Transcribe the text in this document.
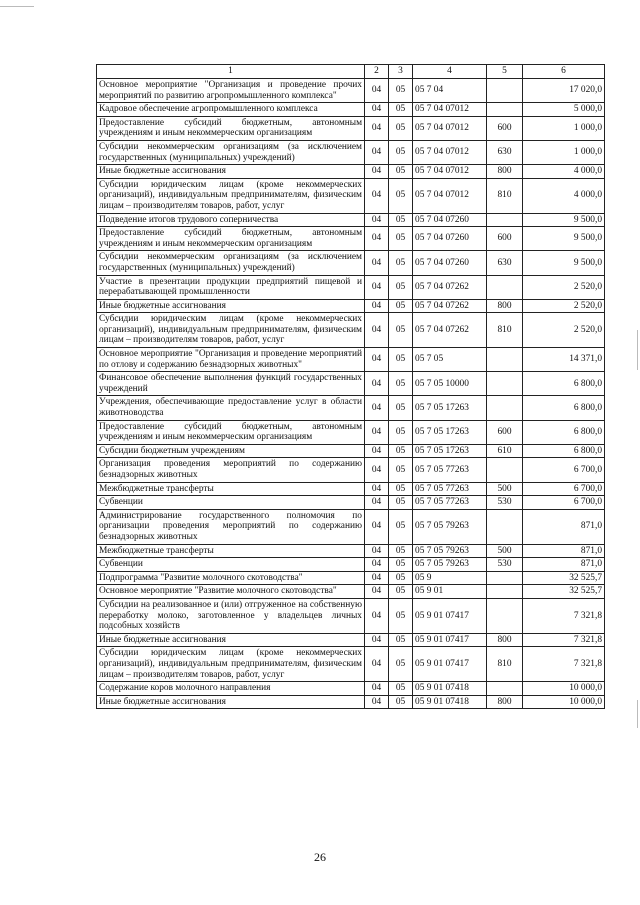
1	2	3	4	5	6
Основное мероприятие "Организация и проведение прочих мероприятий по развитию агропромышленного комплекса"	04	05	05 7 04		17 020,0
Кадровое обеспечение агропромышленного комплекса	04	05	05 7 04 07012		5 000,0
Предоставление субсидий бюджетным, автономным учреждениям и иным некоммерческим организациям	04	05	05 7 04 07012	600	1 000,0
Субсидии некоммерческим организациям (за исключением государственных (муниципальных) учреждений)	04	05	05 7 04 07012	630	1 000,0
Иные бюджетные ассигнования	04	05	05 7 04 07012	800	4 000,0
Субсидии юридическим лицам (кроме некоммерческих организаций), индивидуальным предпринимателям, физическим лицам – производителям товаров, работ, услуг	04	05	05 7 04 07012	810	4 000,0
Подведение итогов трудового соперничества	04	05	05 7 04 07260		9 500,0
Предоставление субсидий бюджетным, автономным учреждениям и иным некоммерческим организациям	04	05	05 7 04 07260	600	9 500,0
Субсидии некоммерческим организациям (за исключением государственных (муниципальных) учреждений)	04	05	05 7 04 07260	630	9 500,0
Участие в презентации продукции предприятий пищевой и перерабатывающей промышленности	04	05	05 7 04 07262		2 520,0
Иные бюджетные ассигнования	04	05	05 7 04 07262	800	2 520,0
Субсидии юридическим лицам (кроме некоммерческих организаций), индивидуальным предпринимателям, физическим лицам – производителям товаров, работ, услуг	04	05	05 7 04 07262	810	2 520,0
Основное мероприятие "Организация и проведение мероприятий по отлову и содержанию безнадзорных животных"	04	05	05 7 05		14 371,0
Финансовое обеспечение выполнения функций государственных учреждений	04	05	05 7 05 10000		6 800,0
Учреждения, обеспечивающие предоставление услуг в области животноводства	04	05	05 7 05 17263		6 800,0
Предоставление субсидий бюджетным, автономным учреждениям и иным некоммерческим организациям	04	05	05 7 05 17263	600	6 800,0
Субсидии бюджетным учреждениям	04	05	05 7 05 17263	610	6 800,0
Организация проведения мероприятий по содержанию безнадзорных животных	04	05	05 7 05 77263		6 700,0
Межбюджетные трансферты	04	05	05 7 05 77263	500	6 700,0
Субвенции	04	05	05 7 05 77263	530	6 700,0
Администрирование государственного полномочия по организации проведения мероприятий по содержанию безнадзорных животных	04	05	05 7 05 79263		871,0
Межбюджетные трансферты	04	05	05 7 05 79263	500	871,0
Субвенции	04	05	05 7 05 79263	530	871,0
Подпрограмма "Развитие молочного скотоводства"	04	05	05 9		32 525,7
Основное мероприятие "Развитие молочного скотоводства"	04	05	05 9 01		32 525,7
Субсидии на реализованное и (или) отгруженное на собственную переработку молоко, заготовленное у владельцев личных подсобных хозяйств	04	05	05 9 01 07417		7 321,8
Иные бюджетные ассигнования	04	05	05 9 01 07417	800	7 321,8
Субсидии юридическим лицам (кроме некоммерческих организаций), индивидуальным предпринимателям, физическим лицам – производителям товаров, работ, услуг	04	05	05 9 01 07417	810	7 321,8
Содержание коров молочного направления	04	05	05 9 01 07418		10 000,0
Иные бюджетные ассигнования	04	05	05 9 01 07418	800	10 000,0
26
